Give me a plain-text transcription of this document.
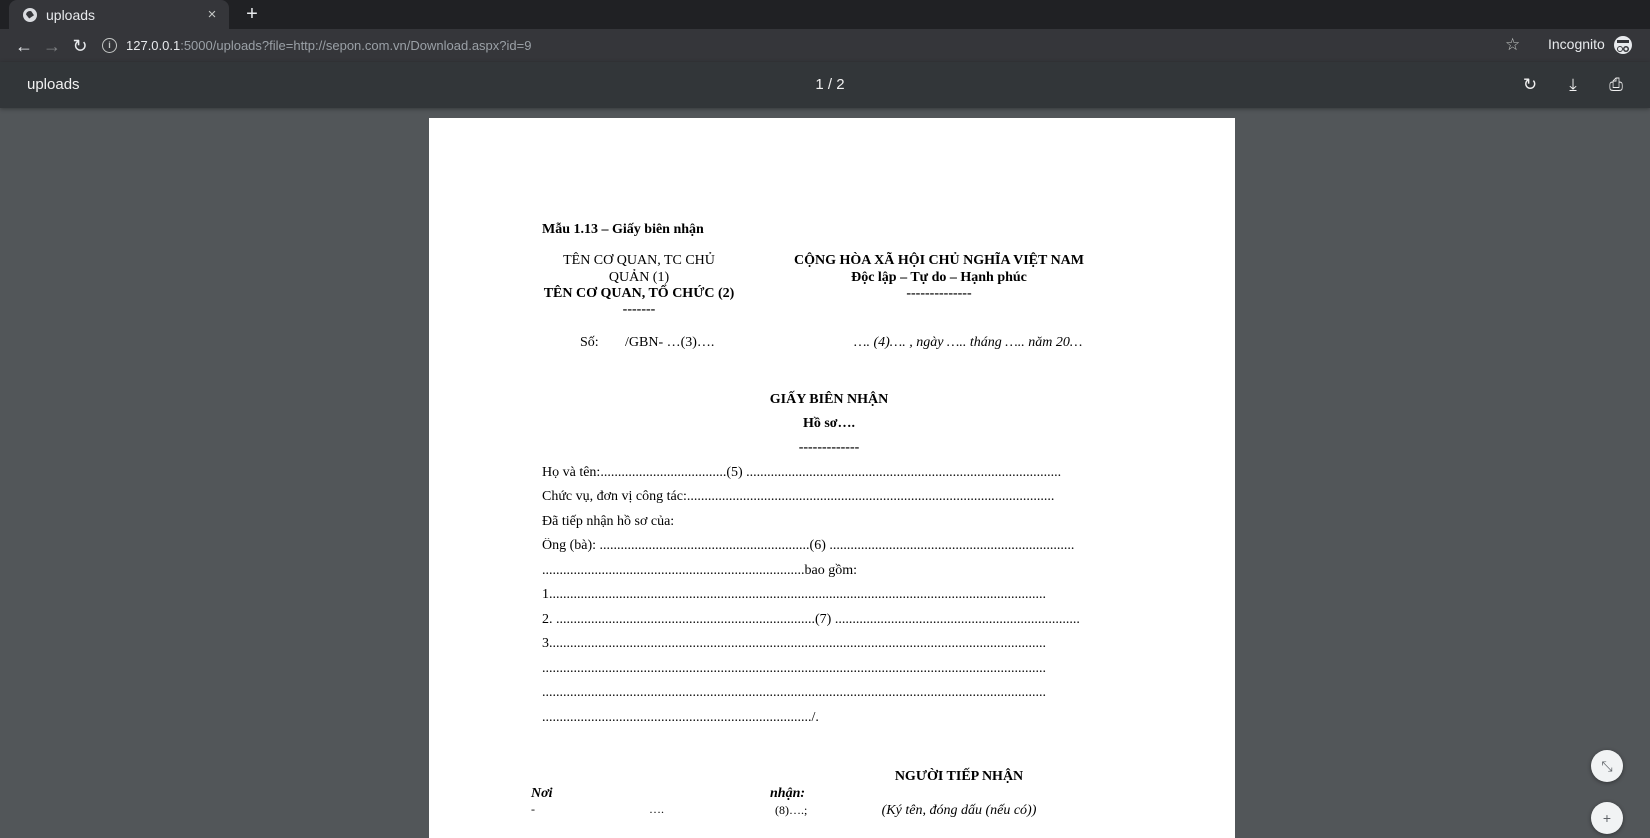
uploads	×	+
← → ↻	i	127.0.0.1 :5000/uploads?file=http://sepon.com.vn/Download.aspx?id=9	☆ Incognito
uploads	1 / 2	↻	⤓	⎙
Mẫu 1.13 – Giấy biên nhận
TÊN CƠ QUAN, TC CHỦ
QUẢN (1)
TÊN CƠ QUAN, TỔ CHỨC (2)
-------
CỘNG HÒA XÃ HỘI CHỦ NGHĨA VIỆT NAM
Độc lập – Tự do – Hạnh phúc
--------------
Số: /GBN- …(3)….	…. (4)…. , ngày ….. tháng ….. năm 20…
GIẤY BIÊN NHẬN
Hồ sơ….
-------------
Họ và tên:....................................(5) ..........................................................................................
Chức vụ, đơn vị công tác:.........................................................................................................
Đã tiếp nhận hồ sơ của:
Ông (bà): ............................................................(6) ......................................................................
...........................................................................bao gồm:
1..............................................................................................................................................
2. ..........................................................................(7) ......................................................................
3..............................................................................................................................................
................................................................................................................................................
................................................................................................................................................
............................................................................./.
NGƯỜI TIẾP NHẬN
Nơi	nhận:
-	….	(8)….;	(Ký tên, đóng dấu (nếu có))
⤡
+
